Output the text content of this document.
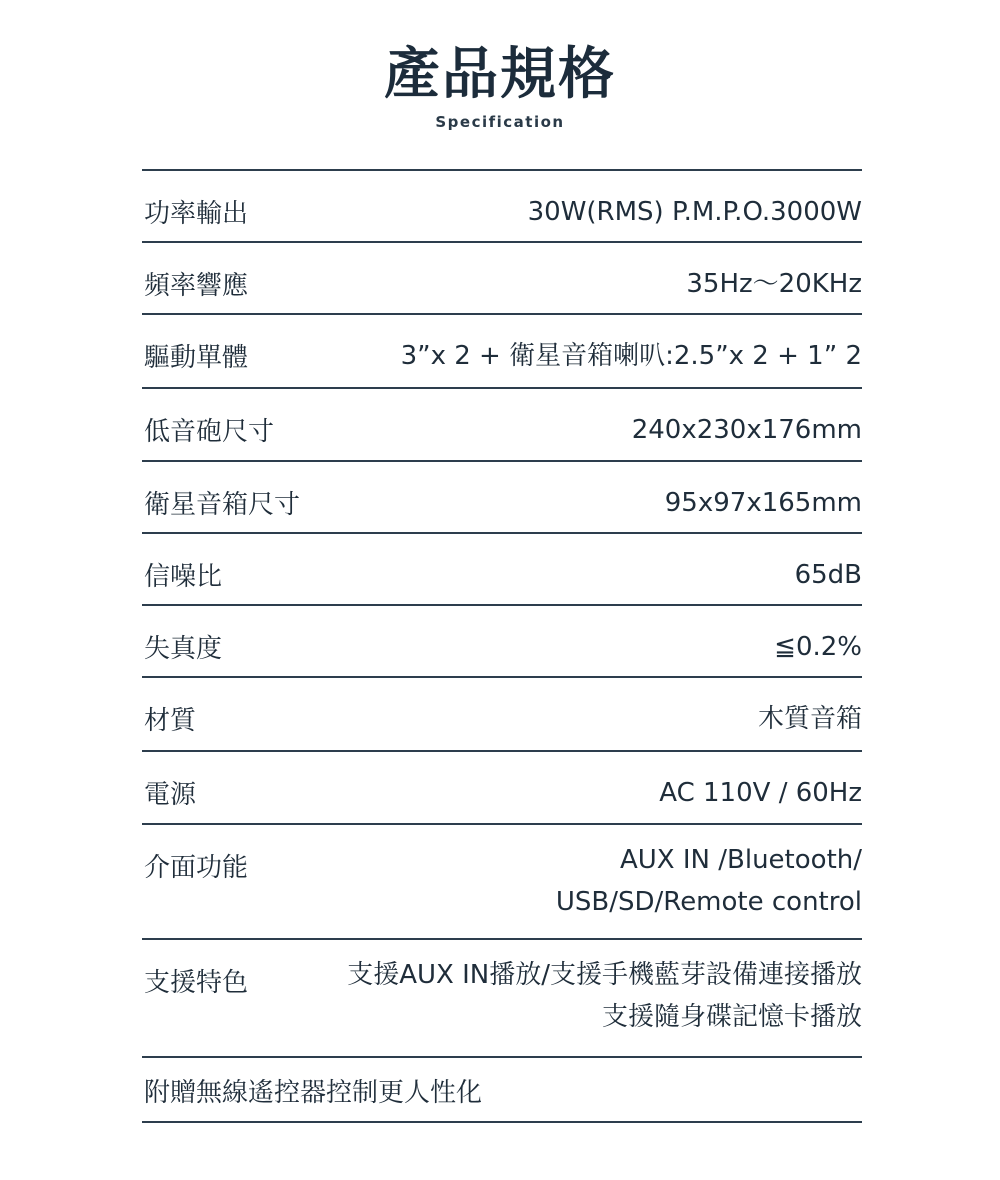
產品規格
Specification
功率輸出	30W(RMS) P.M.P.O.3000W
頻率響應	35Hz～20KHz
驅動單體	3”x 2 + 衛星音箱喇叭:2.5”x 2 + 1” 2
低音砲尺寸	240x230x176mm
衛星音箱尺寸	95x97x165mm
信噪比	65dB
失真度	≦0.2%
材質	木質音箱
電源	AC 110V / 60Hz
介面功能	AUX IN /Bluetooth/
USB/SD/Remote control
支援特色	支援AUX IN播放/支援手機藍芽設備連接播放
支援隨身碟記憶卡播放
附贈無線遙控器控制更人性化
